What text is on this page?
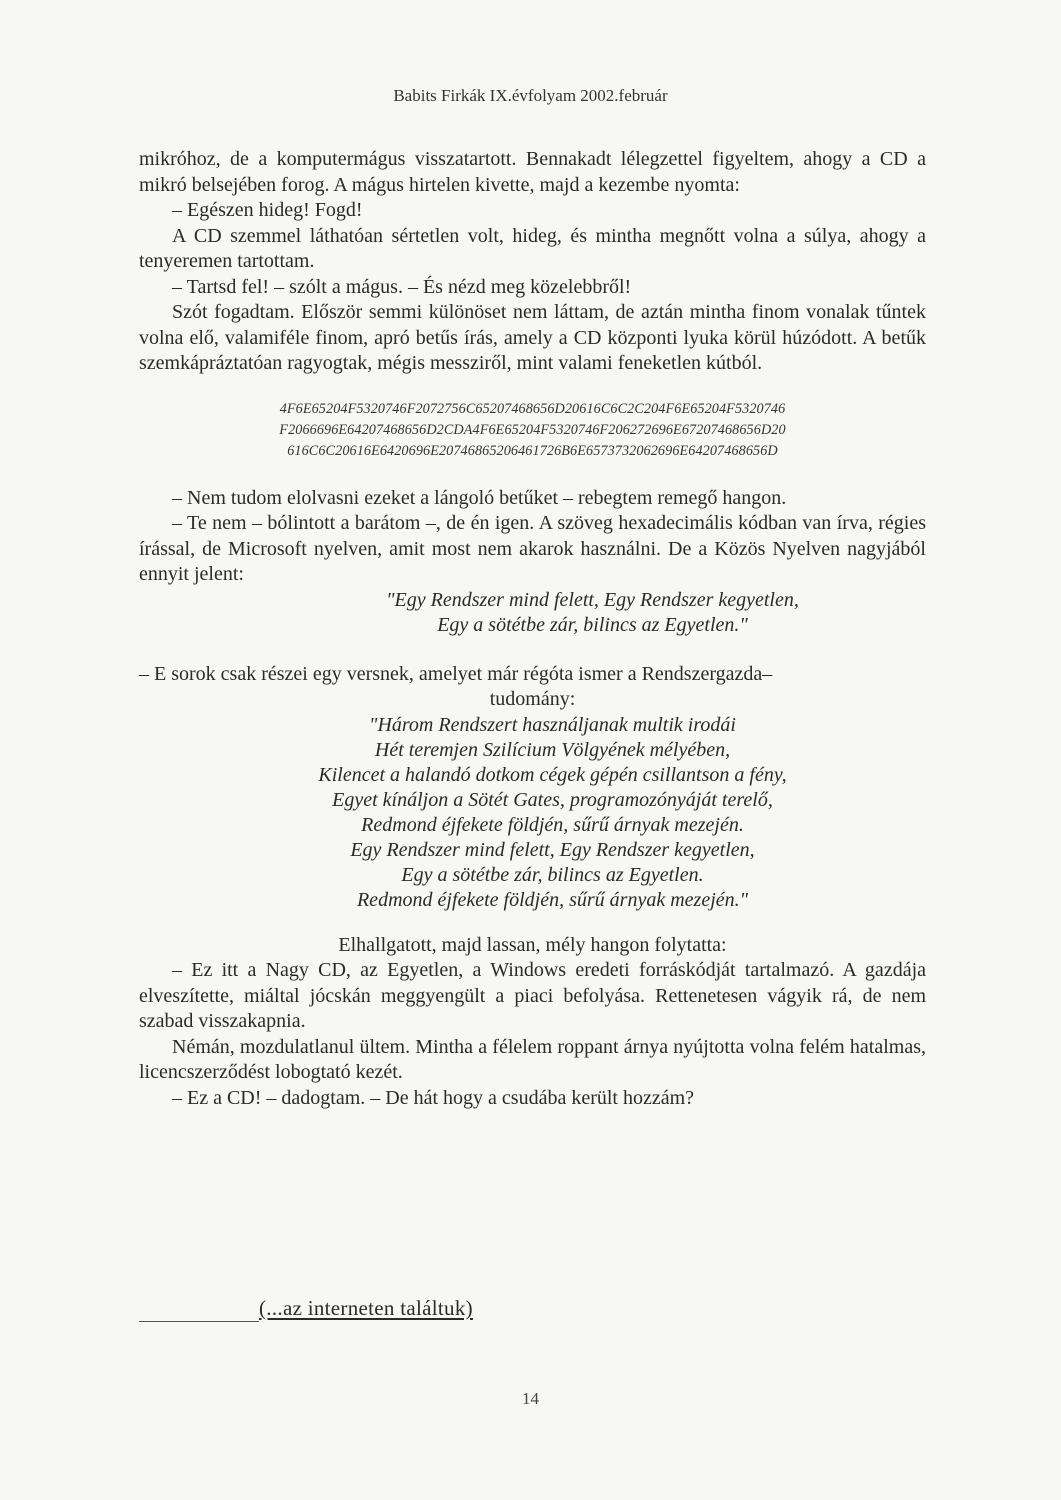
Babits Firkák IX.évfolyam 2002.február

mikróhoz, de a komputermágus visszatartott. Bennakadt lélegzettel figyeltem, ahogy a CD a mikró belsejében forog. A mágus hirtelen kivette, majd a kezembe nyomta:

– Egészen hideg! Fogd!

A CD szemmel láthatóan sértetlen volt, hideg, és mintha megnőtt volna a súlya, ahogy a tenyeremen tartottam.

– Tartsd fel! – szólt a mágus. – És nézd meg közelebbről!

Szót fogadtam. Először semmi különöset nem láttam, de aztán mintha finom vonalak tűntek volna elő, valamiféle finom, apró betűs írás, amely a CD központi lyuka körül húzódott. A betűk szemkápráztatóan ragyogtak, mégis messziről, mint valami feneketlen kútból.

4F6E65204F5320746F2072756C65207468656D20616C6C2C204F6E65204F5320746
F2066696E64207468656D2CDA4F6E65204F5320746F206272696E67207468656D20
616C6C20616E6420696E20746865206461726B6E6573732062696E64207468656D

– Nem tudom elolvasni ezeket a lángoló betűket – rebegtem remegő hangon.

– Te nem – bólintott a barátom –, de én igen. A szöveg hexadecimális kódban van írva, régies írással, de Microsoft nyelven, amit most nem akarok használni. De a Közös Nyelven nagyjából ennyit jelent:

"Egy Rendszer mind felett, Egy Rendszer kegyetlen,
Egy a sötétbe zár, bilincs az Egyetlen."

– E sorok csak részei egy versnek, amelyet már régóta ismer a Rendszergazda–

tudomány:

"Három Rendszert használjanak multik irodái
Hét teremjen Szilícium Völgyének mélyében,
Kilencet a halandó dotkom cégek gépén csillantson a fény,
Egyet kínáljon a Sötét Gates, programozónyáját terelő,
Redmond éjfekete földjén, sűrű árnyak mezején.
Egy Rendszer mind felett, Egy Rendszer kegyetlen,
Egy a sötétbe zár, bilincs az Egyetlen.
Redmond éjfekete földjén, sűrű árnyak mezején."

Elhallgatott, majd lassan, mély hangon folytatta:

– Ez itt a Nagy CD, az Egyetlen, a Windows eredeti forráskódját tartalmazó. A gazdája elveszítette, miáltal jócskán meggyengült a piaci befolyása. Rettenetesen vágyik rá, de nem szabad visszakapnia.

Némán, mozdulatlanul ültem. Mintha a félelem roppant árnya nyújtotta volna felém hatalmas, licencszerződést lobogtató kezét.

– Ez a CD! – dadogtam. – De hát hogy a csudába került hozzám?

(...az interneten találtuk)
14
